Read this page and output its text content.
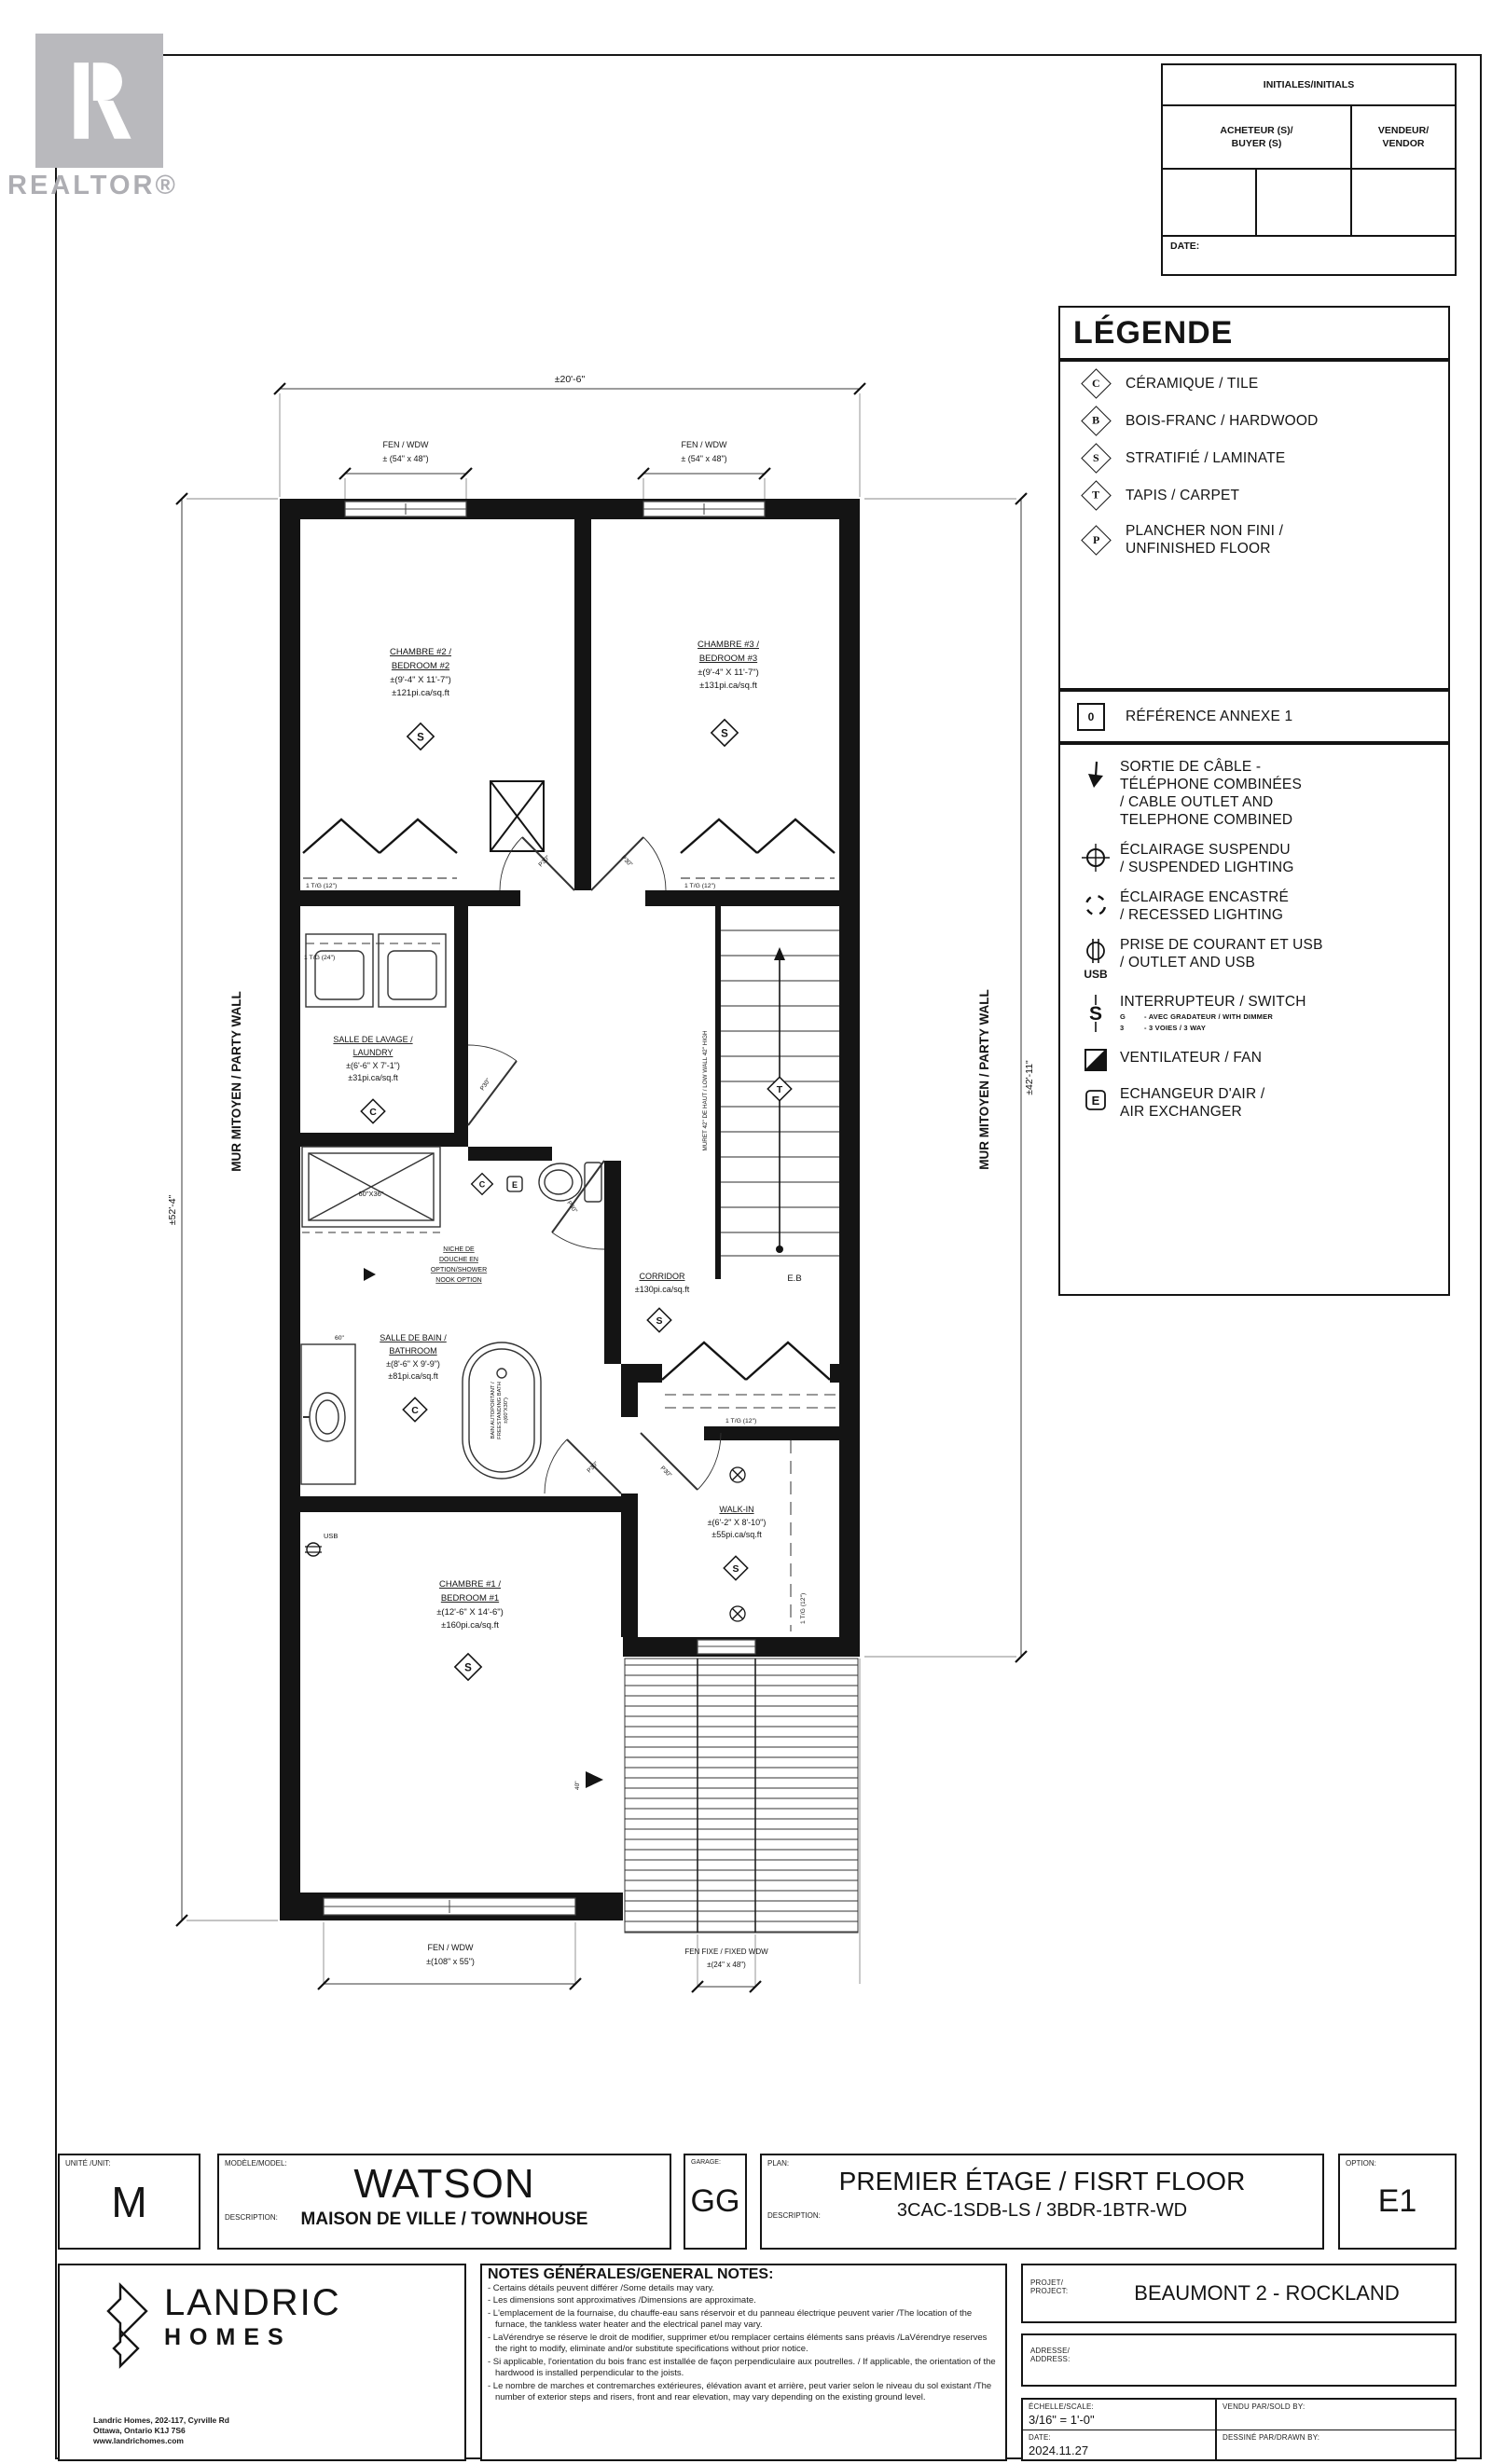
REALTOR®
INITIALES/INITIALS
ACHETEUR (S)/
BUYER (S)
VENDEUR/
VENDOR
DATE:
LÉGENDE
C CÉRAMIQUE / TILE
B BOIS-FRANC / HARDWOOD
S STRATIFIÉ / LAMINATE
T TAPIS / CARPET
P
PLANCHER NON FINI /
UNFINISHED FLOOR
0 RÉFÉRENCE ANNEXE 1
SORTIE DE CÂBLE -
TÉLÉPHONE COMBINÉES
/ CABLE OUTLET AND
TELEPHONE COMBINED
ÉCLAIRAGE SUSPENDU
/ SUSPENDED LIGHTING
ÉCLAIRAGE ENCASTRÉ
/ RECESSED LIGHTING
USB
PRISE DE COURANT ET USB
/ OUTLET AND USB
S
INTERRUPTEUR / SWITCH
G	- AVEC GRADATEUR / WITH DIMMER
3	- 3 VOIES / 3 WAY
VENTILATEUR / FAN
E ECHANGEUR D'AIR /
AIR EXCHANGER
USB
40"
P30"	P30"
P30"
P30"
P30"
P30"
1 T/G (12")	1 T/G (12")
1 T/G (24")
1 T/G (12")
1 T/G (12")
CHAMBRE #2 /
BEDROOM #2
±(9'-4" X 11'-7")
±121pi.ca/sq.ft
S
CHAMBRE #3 /
BEDROOM #3
±(9'-4" X 11'-7")
±131pi.ca/sq.ft
S
SALLE DE LAVAGE /
LAUNDRY
±(6'-6" X 7'-1")
±31pi.ca/sq.ft
C
SALLE DE BAIN /
BATHROOM
±(8'-6" X 9'-9")
±81pi.ca/sq.ft
C
CORRIDOR
±130pi.ca/sq.ft
S
T
WALK-IN
±(6'-2" X 8'-10")
±55pi.ca/sq.ft
S
CHAMBRE #1 /
BEDROOM #1
±(12'-6" X 14'-6")
±160pi.ca/sq.ft
S
NICHE DE
DOUCHE EN
OPTION/SHOWER
NOOK OPTION
60"X36"
60"
BAIN AUTOPORTANT / FREESTANDING BATH ±(60"X30")
E.B
MURET 42" DE HAUT / LOW WALL 42" HIGH
C	E
FEN / WDW
± (54" x 48")
FEN / WDW
± (54" x 48")
FEN / WDW
±(108" x 55")
FEN FIXE / FIXED WDW
±(24" x 48")
±20'-6"
±52'-4"
±42'-11"
MUR MITOYEN / PARTY WALL	MUR MITOYEN / PARTY WALL
UNITÉ /UNIT:
M
MODÈLE/MODEL:
DESCRIPTION:
WATSON
MAISON DE VILLE / TOWNHOUSE
GARAGE:
GG
PLAN:
DESCRIPTION:
PREMIER ÉTAGE / FISRT FLOOR
3CAC-1SDB-LS / 3BDR-1BTR-WD
OPTION:
E1
LANDRIC
HOMES
Landric Homes, 202-117, Cyrville Rd
Ottawa, Ontario K1J 7S6
www.landrichomes.com
NOTES GÉNÉRALES/GENERAL NOTES:
- Certains détails peuvent différer /Some details may vary.
- Les dimensions sont approximatives /Dimensions are approximate.
- L'emplacement de la fournaise, du chauffe-eau sans réservoir et du panneau électrique peuvent varier /The location of the furnace, the tankless water heater and the electrical panel may vary.
- LaVérendrye se réserve le droit de modifier, supprimer et/ou remplacer certains éléments sans préavis /LaVérendrye reserves the right to modify, eliminate and/or substitute specifications without prior notice.
- Si applicable, l'orientation du bois franc est installée de façon perpendiculaire aux poutrelles. / If applicable, the orientation of the hardwood is installed perpendicular to the joists.
- Le nombre de marches et contremarches extérieures, élévation avant et arrière, peut varier selon le niveau du sol existant /The number of exterior steps and risers, front and rear elevation, may vary depending on the existing ground level.
PROJET/
PROJECT:	BEAUMONT 2 - ROCKLAND
ADRESSE/
ADDRESS:
ÉCHELLE/SCALE:
3/16" = 1'-0"
VENDU PAR/SOLD BY:
DATE:
2024.11.27
DESSINÉ PAR/DRAWN BY:
